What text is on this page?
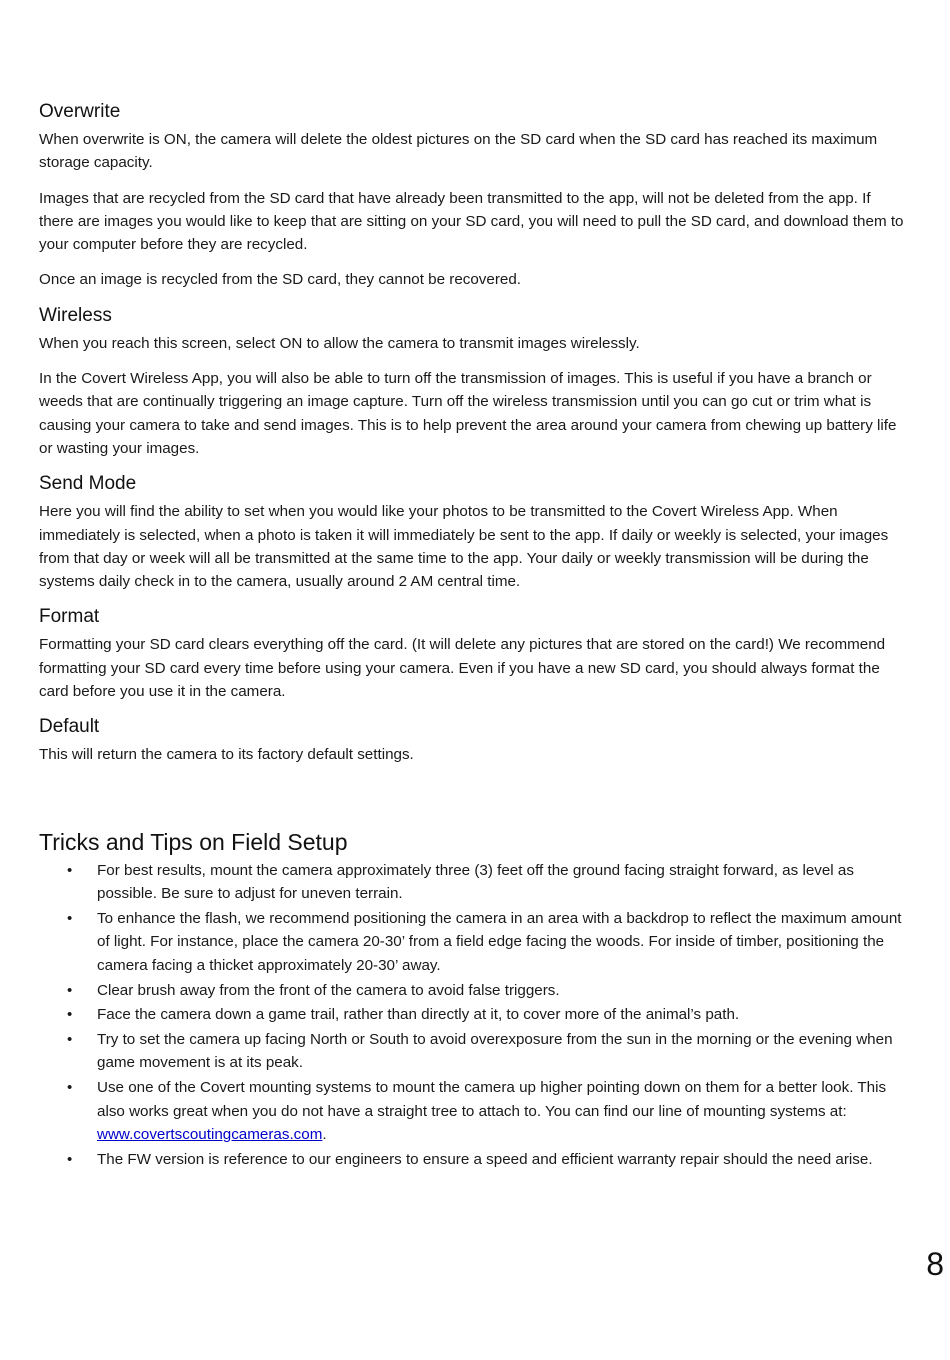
Overwrite

When overwrite is ON, the camera will delete the oldest pictures on the SD card when the SD card has reached its maximum storage capacity.

Images that are recycled from the SD card that have already been transmitted to the app, will not be deleted from the app. If there are images you would like to keep that are sitting on your SD card, you will need to pull the SD card, and download them to your computer before they are recycled.

Once an image is recycled from the SD card, they cannot be recovered.

Wireless

When you reach this screen, select ON to allow the camera to transmit images wirelessly.

In the Covert Wireless App, you will also be able to turn off the transmission of images. This is useful if you have a branch or weeds that are continually triggering an image capture. Turn off the wireless transmission until you can go cut or trim what is causing your camera to take and send images. This is to help prevent the area around your camera from chewing up battery life or wasting your images.

Send Mode

Here you will find the ability to set when you would like your photos to be transmitted to the Covert Wireless App. When immediately is selected, when a photo is taken it will immediately be sent to the app. If daily or weekly is selected, your images from that day or week will all be transmitted at the same time to the app. Your daily or weekly transmission will be during the systems daily check in to the camera, usually around 2 AM central time.

Format

Formatting your SD card clears everything off the card. (It will delete any pictures that are stored on the card!) We recommend formatting your SD card every time before using your camera. Even if you have a new SD card, you should always format the card before you use it in the camera.

Default

This will return the camera to its factory default settings.

Tricks and Tips on Field Setup
• For best results, mount the camera approximately three (3) feet off the ground facing straight forward, as level as possible. Be sure to adjust for uneven terrain.
• To enhance the flash, we recommend positioning the camera in an area with a backdrop to reflect the maximum amount of light. For instance, place the camera 20-30’ from a field edge facing the woods. For inside of timber, positioning the camera facing a thicket approximately 20-30’ away.
• Clear brush away from the front of the camera to avoid false triggers.
• Face the camera down a game trail, rather than directly at it, to cover more of the animal’s path.
• Try to set the camera up facing North or South to avoid overexposure from the sun in the morning or the evening when game movement is at its peak.
• Use one of the Covert mounting systems to mount the camera up higher pointing down on them for a better look. This also works great when you do not have a straight tree to attach to. You can find our line of mounting systems at: www.covertscoutingcameras.com.
• The FW version is reference to our engineers to ensure a speed and efficient warranty repair should the need arise.
8
